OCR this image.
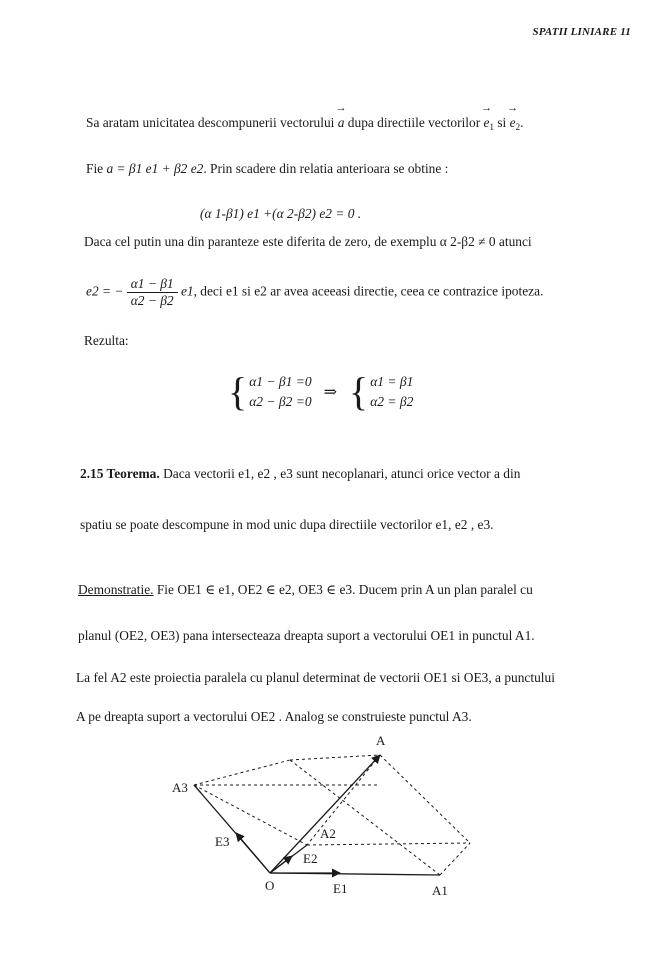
SPATII LINIARE 11
Sa aratam unicitatea descompunerii vectorului → a dupa directiile vectorilor → $e_1$ si → $e_2$.
Fie a = β1 e1 + β2 e2. Prin scadere din relatia anterioara se obtine :
(α 1-β1) e1 +(α 2-β2) e2 = 0 .
Daca cel putin una din paranteze este diferita de zero, de exemplu α 2-β2 ≠ 0 atunci
e2 = − $\frac{\alpha 1 - \beta 1}{\alpha 2 - \beta 2} e1$, deci e1 si e2 ar avea aceeasi directie, ceea ce contrazice ipoteza.
Rezulta:
{ α1 − β1 =0
α2 − β2 =0
⇒ { α1 = β1
α2 = β2
2.15 Teorema. Daca vectorii e1, e2 , e3 sunt necoplanari, atunci orice vector a din
spatiu se poate descompune in mod unic dupa directiile vectorilor e1, e2 , e3.
Demonstratie. Fie OE1 ∈ e1, OE2 ∈ e2, OE3 ∈ e3. Ducem prin A un plan paralel cu
planul (OE2, OE3) pana intersecteaza dreapta suport a vectorului OE1 in punctul A1.
La fel A2 este proiectia paralela cu planul determinat de vectorii OE1 si OE3, a punctului
A pe dreapta suport a vectorului OE2 . Analog se construieste punctul A3.
A
A3
E3
A2
E2
O	E1	A1
